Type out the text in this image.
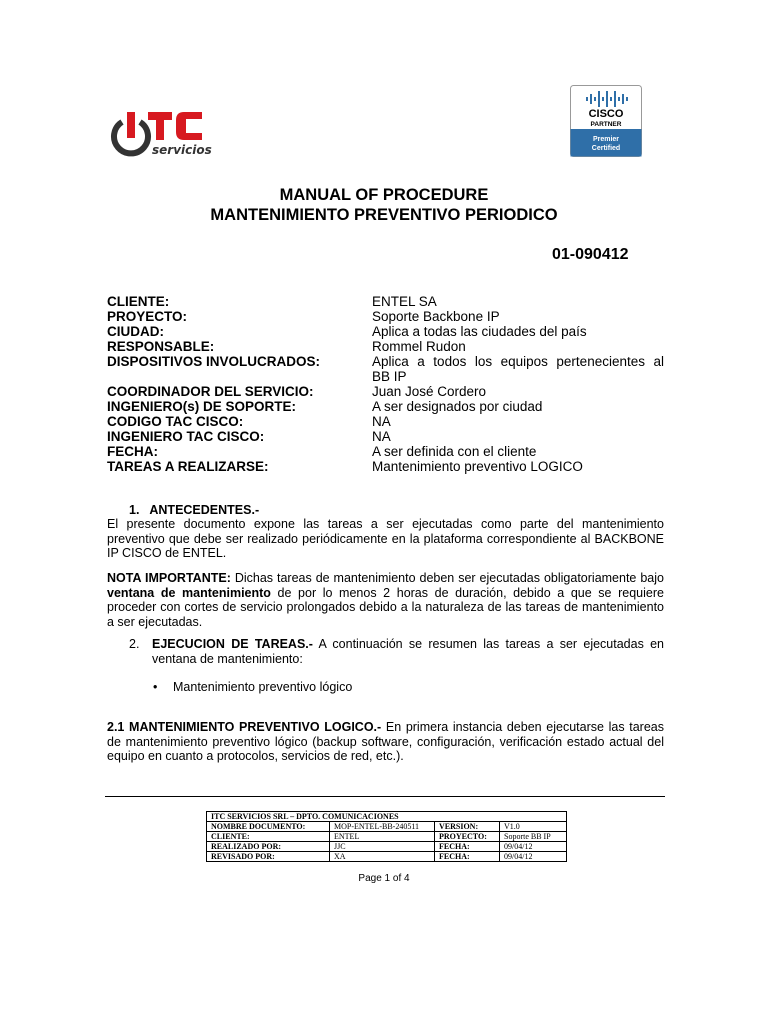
servicios
CISCO
PARTNER
Premier
Certified
MANUAL OF PROCEDURE
MANTENIMIENTO PREVENTIVO PERIODICO
01-090412
CLIENTE:	ENTEL SA
PROYECTO:	Soporte Backbone IP
CIUDAD:	Aplica a todas las ciudades del país
RESPONSABLE:	Rommel Rudon
DISPOSITIVOS INVOLUCRADOS:	Aplica a todos los equipos pertenecientes al
BB IP
COORDINADOR DEL SERVICIO:	Juan José Cordero
INGENIERO(s) DE SOPORTE:	A ser designados por ciudad
CODIGO TAC CISCO:	NA
INGENIERO TAC CISCO:	NA
FECHA:	A ser definida con el cliente
TAREAS A REALIZARSE:	Mantenimiento preventivo LOGICO
1.   ANTECEDENTES.-
El presente documento expone las tareas a ser ejecutadas como parte del mantenimiento preventivo que debe ser realizado periódicamente en la plataforma correspondiente al BACKBONE IP CISCO de ENTEL.
NOTA IMPORTANTE: Dichas tareas de mantenimiento deben ser ejecutadas obligatoriamente bajo ventana de mantenimiento de por lo menos 2 horas de duración, debido a que se requiere proceder con cortes de servicio prolongados debido a la naturaleza de las tareas de mantenimiento a ser ejecutadas.
2. EJECUCION DE TAREAS.- A continuación se resumen las tareas a ser ejecutadas en ventana de mantenimiento:
• Mantenimiento preventivo lógico
2.1 MANTENIMIENTO PREVENTIVO LOGICO.- En primera instancia deben ejecutarse las tareas de mantenimiento preventivo lógico (backup software, configuración, verificación estado actual del equipo en cuanto a protocolos, servicios de red, etc.).
ITC SERVICIOS SRL – DPTO. COMUNICACIONES			
NOMBRE DOCUMENTO:	MOP-ENTEL-BB-240511	VERSION:	V1.0
CLIENTE:	ENTEL	PROYECTO:	Soporte BB IP
REALIZADO POR:	JJC	FECHA:	09/04/12
REVISADO POR:	XA	FECHA:	09/04/12
Page 1 of 4
